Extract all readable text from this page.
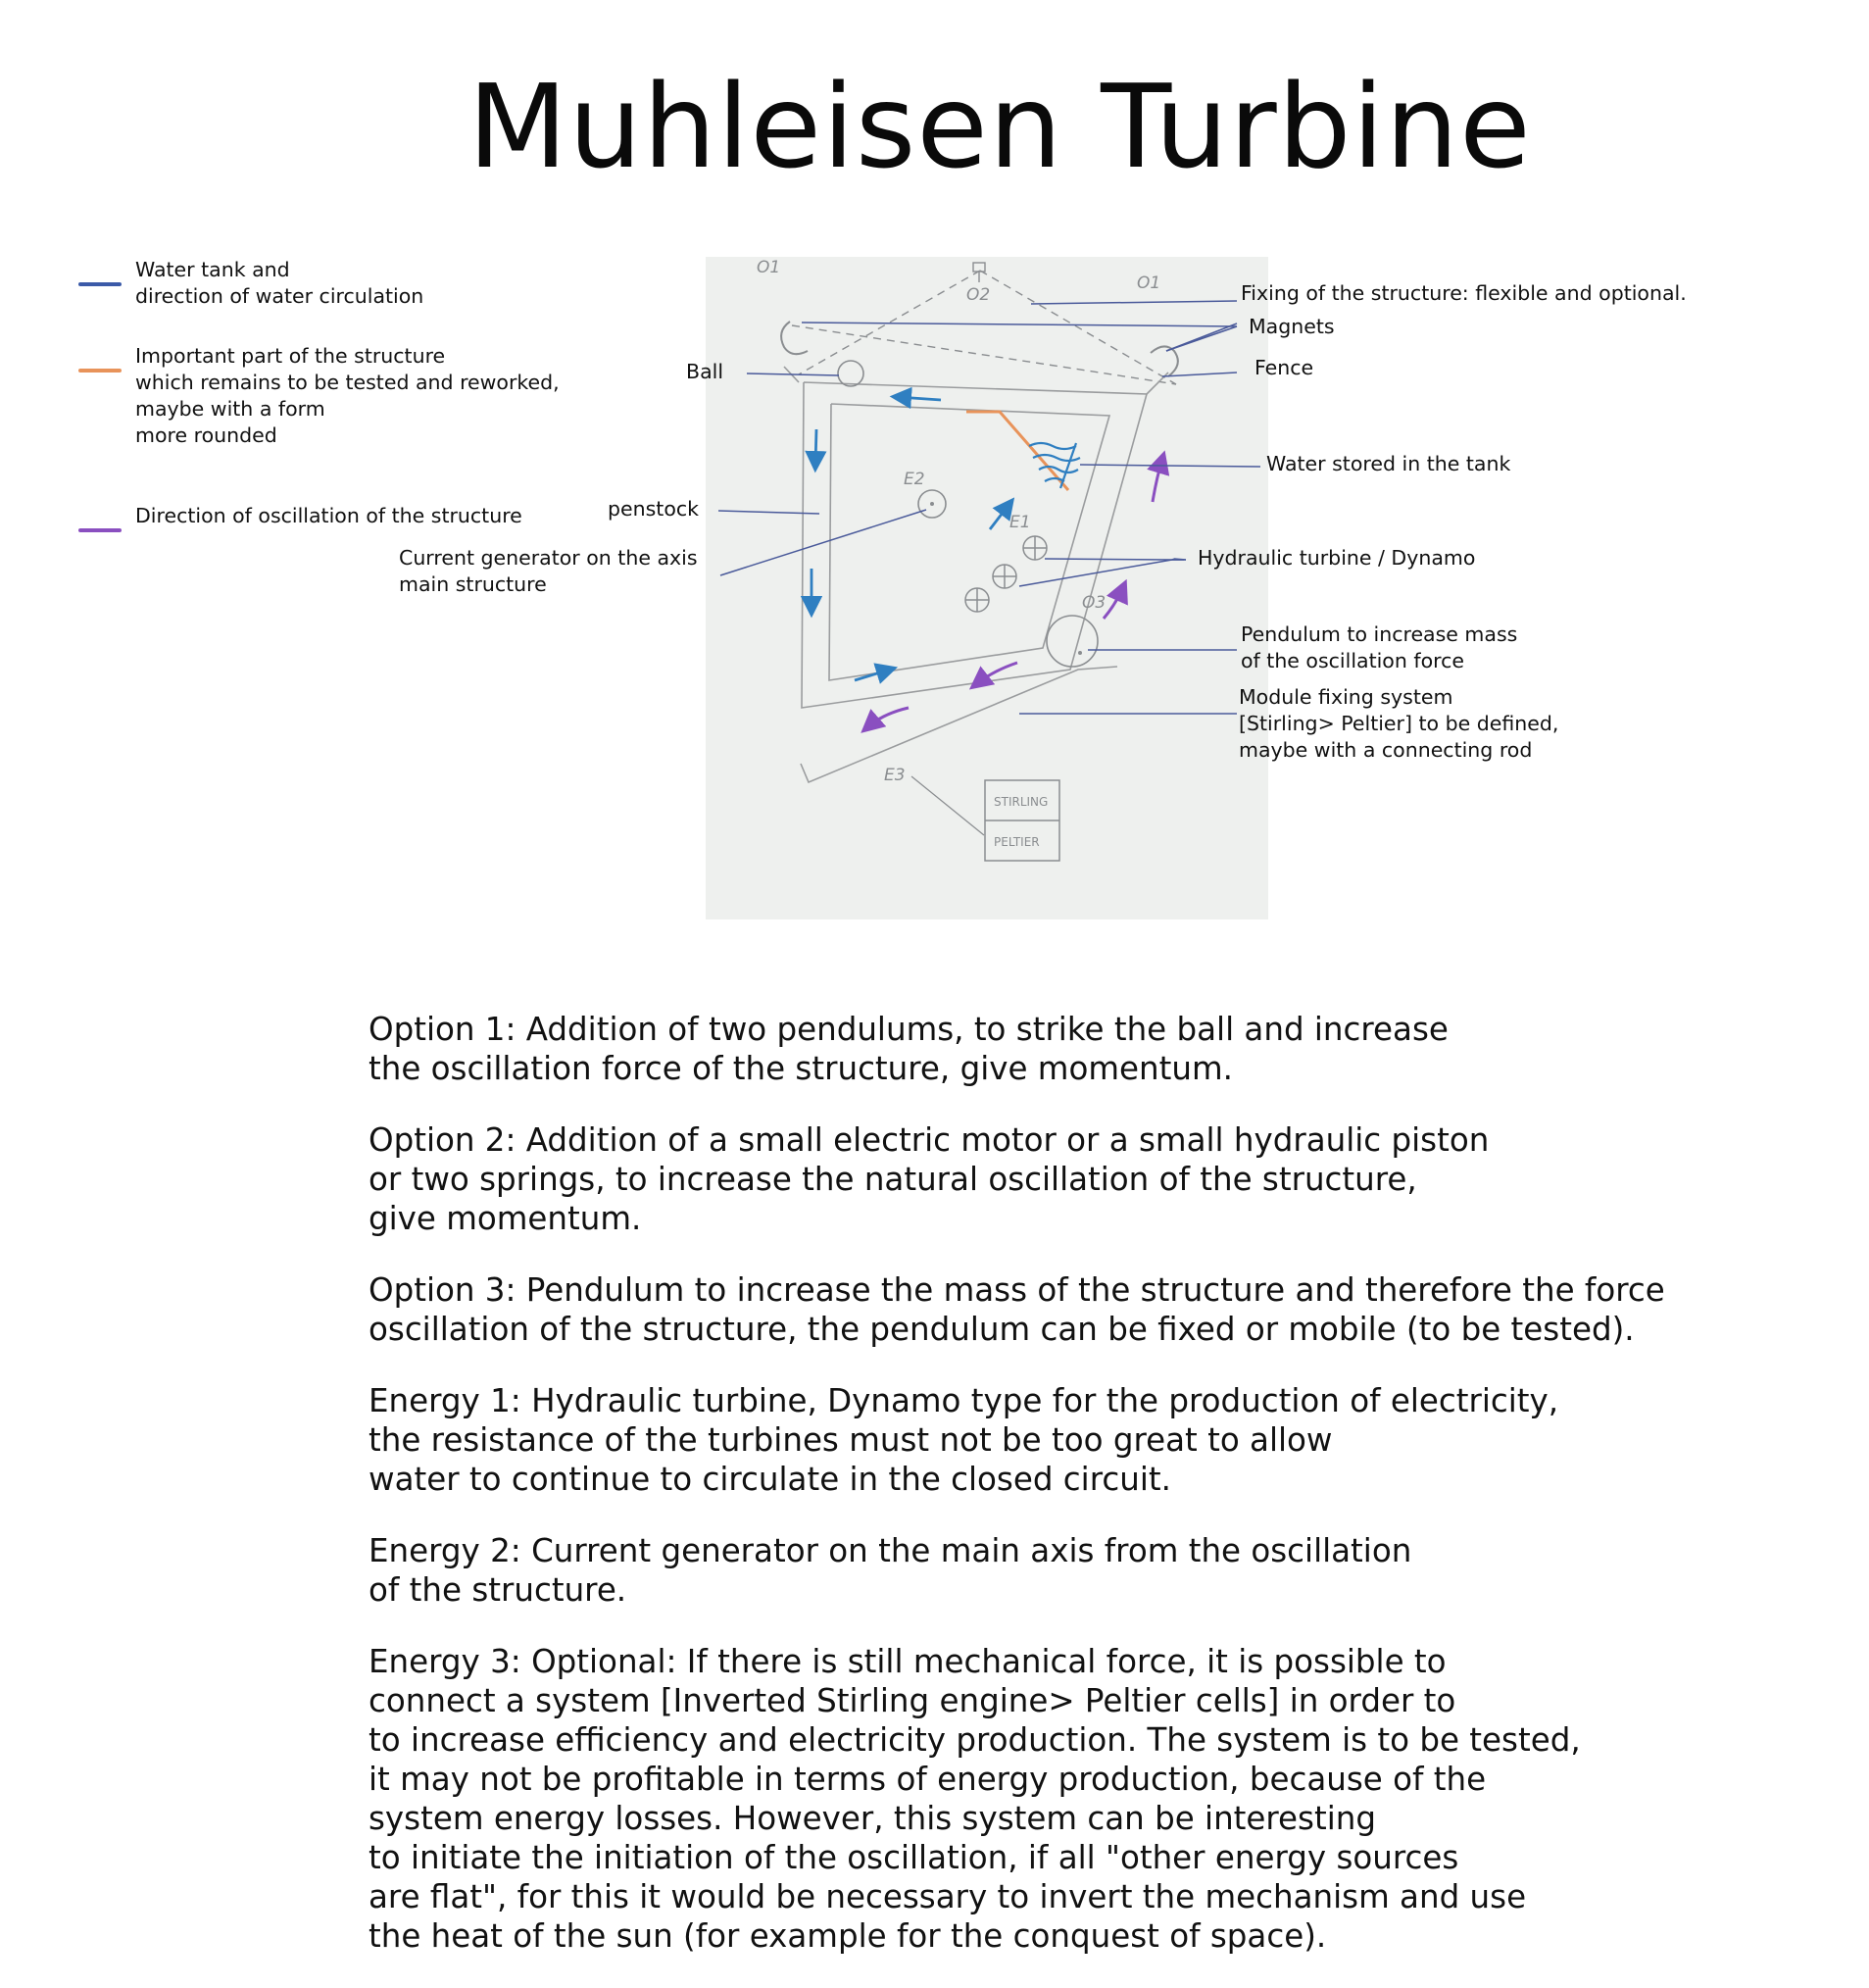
Muhleisen Turbine
Water tank and
direction of water circulation
Important part of the structure
which remains to be tested and reworked,
maybe with a form
more rounded
Direction of oscillation of the structure
O1
O2
O1
E2
E1
O3
E3
STIRLING
PELTIER
Fixing of the structure: flexible and optional.
Magnets
Fence
Ball
Water stored in the tank
penstock
Current generator on the axis
main structure
Hydraulic turbine / Dynamo
Pendulum to increase mass
of the oscillation force
Module fixing system
[Stirling> Peltier] to be defined,
maybe with a connecting rod

Option 1: Addition of two pendulums, to strike the ball and increase
the oscillation force of the structure, give momentum.

Option 2: Addition of a small electric motor or a small hydraulic piston
or two springs, to increase the natural oscillation of the structure,
give momentum.

Option 3: Pendulum to increase the mass of the structure and therefore the force
oscillation of the structure, the pendulum can be fixed or mobile (to be tested).

Energy 1: Hydraulic turbine, Dynamo type for the production of electricity,
the resistance of the turbines must not be too great to allow
water to continue to circulate in the closed circuit.

Energy 2: Current generator on the main axis from the oscillation
of the structure.

Energy 3: Optional: If there is still mechanical force, it is possible to
connect a system [Inverted Stirling engine> Peltier cells] in order to
to increase efficiency and electricity production. The system is to be tested,
it may not be profitable in terms of energy production, because of the
system energy losses. However, this system can be interesting
to initiate the initiation of the oscillation, if all "other energy sources
are flat", for this it would be necessary to invert the mechanism and use
the heat of the sun (for example for the conquest of space).
